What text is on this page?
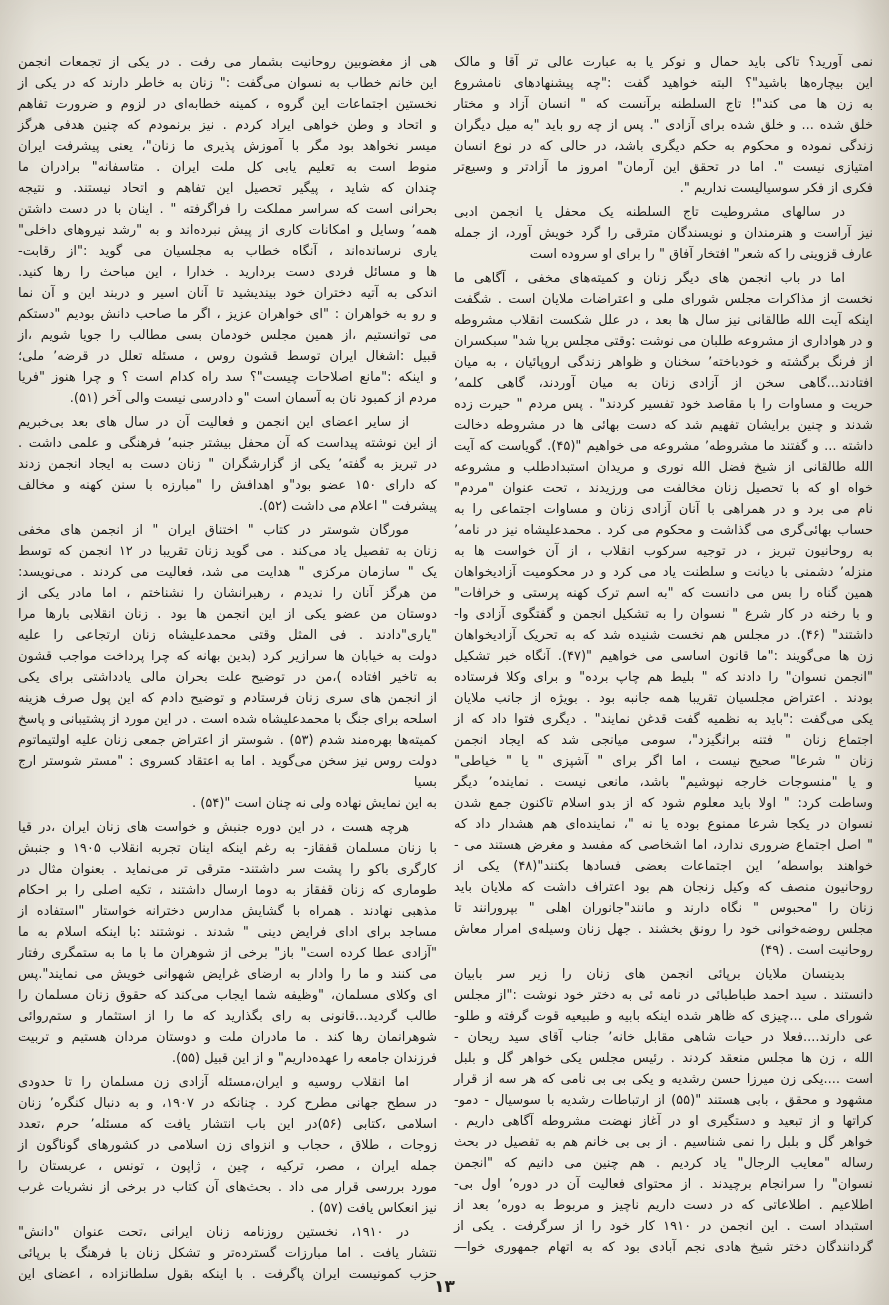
نمی آورید؟ تاکی باید حمال و نوکر یا به عبارت عالی تر آقا و مالک
این بیچاره‌ها باشید"؟ البته خواهید گفت :"چه پیشنهادهای نامشروع
به زن ها می کند"! تاج السلطنه برآنست که " انسان آزاد و مختار
خلق شده ... و خلق شده برای آزادی ". پس از چه رو باید "به میل دیگران
زندگی نموده و محکوم به حکم دیگری باشد، در حالی که در نوع انسان
امتیازی نیست ". اما در تحقق این آرمان" امروز ما آزادتر و وسیع‌تر
فکری از فکر سوسیالیست نداریم ".
در سالهای مشروطیت تاج السلطنه یک محفل یا انجمن ادبی
نیز آراست و هنرمندان و نویسندگان مترقی را گرد خویش آورد، از جمله
عارف قزوینی را که شعر" افتخار آفاق " را برای او سروده است
اما در باب انجمن های دیگر زنان و کمیته‌های مخفی ، آگاهی ما
نخست از مذاکرات مجلس شورای ملی و اعتراضات ملایان است . شگفت
اینکه آیت الله طالقانی نیز سال ها بعد ، در علل شکست انقلاب مشروطه
و در هواداری از مشروعه طلبان می نوشت :وقتی مجلس برپا شد" سبکسران
از فرنگ برگشته و خودباخته٬ سخنان و ظواهر زندگی اروپائیان ، به میان
افتادند...گاهی سخن از آزادی زنان به میان آوردند، گاهی کلمه٬
حریت و مساوات را با مقاصد خود تفسیر کردند" . پس مردم " حیرت زده
شدند و چنین برایشان تفهیم شد که دست بهائی ها در مشروطه دخالت
داشته ... و گفتند ما مشروطه٬ مشروعه می خواهیم "(۴۵). گویاست که آیت
الله طالقانی از شیخ فضل الله نوری و مریدان استبدادطلب و مشروعه
خواه او که با تحصیل زنان مخالفت می ورزیدند ، تحت عنوان "مردم"
نام می برد و در همراهی با آنان آزادی زنان و مساوات اجتماعی را به
حساب بهائی‌گری می گذاشت و محکوم می کرد . محمدعلیشاه نیز در نامه٬
به روحانیون تبریز ، در توجیه سرکوب انقلاب ، از آن خواست ها به
منزله٬ دشمنی با دیانت و سلطنت یاد می کرد و در محکومیت آزادیخواهان
همین گناه را بس می دانست که "به اسم ترک کهنه پرستی و خرافات"
و با رخنه در کار شرع " نسوان را به تشکیل انجمن و گفتگوی آزادی وا-
داشتند" (۴۶). در مجلس هم نخست شنیده شد که به تحریک آزادیخواهان
زن ها می‌گویند :"ما قانون اساسی می خواهیم "(۴۷). آنگاه خبر تشکیل
"انجمن نسوان" را دادند که " بلیط هم چاپ برده" و برای وکلا فرستاده
بودند . اعتراض مجلسیان تقریبا همه جانبه بود . بویژه از جانب ملایان
یکی می‌گفت :"باید به نظمیه گفت قدغن نمایند" . دیگری فتوا داد که از
اجتماع زنان " فتنه برانگیزد"، سومی میانجی شد که ایجاد انجمن
زنان " شرعا" صحیح نیست ، اما اگر برای " آشپزی " یا " خیاطی"
و یا "منسوجات خارجه نپوشیم" باشد، مانعی نیست . نماینده٬ دیگر
وساطت کرد: " اولا باید معلوم شود که از بدو اسلام تاکنون جمع شدن
نسوان در یکجا شرعا ممنوع بوده یا نه "، نماینده‌ای هم هشدار داد که
" اصل اجتماع ضروری ندارد، اما اشخاصی که مفسد و مغرض هستند می -
خواهند بواسطه٬ این اجتماعات بعضی فسادها بکنند"(۴۸) یکی از
روحانیون منصف که وکیل زنجان هم بود اعتراف داشت که ملایان باید
زنان را "محبوس " نگاه دارند و مانند"جانوران اهلی " بپرورانند تا
مجلس روضه‌خوانی خود را رونق بخشند . جهل زنان وسیله‌ی امرار معاش
روحانیت است . (۴۹)
بدینسان ملایان برپائی انجمن های زنان را زیر سر بابیان
دانستند . سید احمد طباطبائی در نامه ئی به دختر خود نوشت :"از مجلس
شورای ملی ...چیزی که ظاهر شده اینکه بابیه و طبیعیه قوت گرفته و طلو-
عی دارند....فعلا در حیات شاهی مقابل خانه٬ جناب آقای سید ریحان -
الله ، زن ها مجلس منعقد کردند . رئیس مجلس یکی خواهر گل و بلبل
است ....یکی زن میرزا حسن رشدیه و یکی بی بی نامی که هر سه از قرار
مشهود و محقق ، بابی هستند "(۵۵) از ارتباطات رشدیه با سوسیال - دمو-
کراتها و از تبعید و دستگیری او در آغاز نهضت مشروطه آگاهی داریم .
خواهر گل و بلبل را نمی شناسیم . از بی بی خانم هم به تفصیل در بحث
رساله "معایب الرجال" یاد کردیم . هم چنین می دانیم که "انجمن
نسوان" را سرانجام برچیدند . از محتوای فعالیت آن در دوره٬ اول بی-
اطلاعیم . اطلاعاتی که در دست داریم ناچیز و مربوط به دوره٬ بعد از
استبداد است . این انجمن در ۱۹۱۰ کار خود را از سرگرفت . یکی از
گردانندگان دختر شیخ هادی نجم آبادی بود که به اتهام جمهوری خوا—
هی از مغضوبین روحانیت بشمار می رفت . در یکی از تجمعات انجمن
این خانم خطاب به نسوان می‌گفت :" زنان به خاطر دارند که در یکی از
نخستین اجتماعات این گروه ، کمینه خطابه‌ای در لزوم و ضرورت تفاهم
و اتحاد و وطن خواهی ایراد کردم . نیز برنمودم که چنین هدفی هرگز
میسر نخواهد بود مگر با آموزش پذیری ما زنان"، یعنی پیشرفت ایران
منوط است به تعلیم یابی کل ملت ایران . متاسفانه" برادران ما
چندان که شاید ، پیگیر تحصیل این تفاهم و اتحاد نیستند. و نتیجه
بحرانی است که سراسر مملکت را فراگرفته " . اینان با در دست داشتن
همه٬ وسایل و امکانات کاری از پیش نبرده‌اند و به "رشد نیروهای داخلی"
یاری نرسانده‌اند ، آنگاه خطاب به مجلسیان می گوید :"از رقابت-
ها و مسائل فردی دست بردارید . خدارا ، این مباحث را رها کنید.
اندکی به آتیه دختران خود بیندیشید تا آنان اسیر و دربند این و آن نما
و رو به خواهران : "ای خواهران عزیز ، اگر ما صاحب دانش بودیم "دستکم
می توانستیم ،از همین مجلس خودمان بسی مطالب را جویا شویم ،از
قبیل :اشغال ایران توسط قشون روس ، مسئله تعلل در قرضه٬ ملی؛
و اینکه :"مانع اصلاحات چیست"؟ سد راه کدام است ؟ و چرا هنوز "فریا
مردم از کمبود نان به آسمان است "و دادرسی نیست والی آخر (۵۱).
از سایر اعضای این انجمن و فعالیت آن در سال های بعد بی‌خبریم
از این نوشته پیداست که آن محفل بیشتر جنبه٬ فرهنگی و علمی داشت .
در تبریز به گفته٬ یکی از گزارشگران " زنان دست به ایجاد انجمن زدند
که دارای ۱۵۰ عضو بود"و اهدافش را "مبارزه با سنن کهنه و مخالف
پیشرفت " اعلام می داشت (۵۲).
مورگان شوستر در کتاب " اختناق ایران " از انجمن های مخفی
زنان به تفصیل یاد می‌کند . می گوید زنان تقریبا در ۱۲ انجمن که توسط
یک " سازمان مرکزی " هدایت می شد، فعالیت می کردند . می‌نویسد:
من هرگز آنان را ندیدم ، رهبرانشان را نشناختم ، اما مادر یکی از
دوستان من عضو یکی از این انجمن ها بود . زنان انقلابی بارها مرا
"یاری"دادند . فی المثل وقتی محمدعلیشاه زنان ارتجاعی را علیه
دولت به خیابان ها سرازیر کرد (بدین بهانه که چرا پرداخت مواجب قشون
به تاخیر افتاده )،من در توضیح علت بحران مالی یادداشتی برای یکی
از انجمن های سری زنان فرستادم و توضیح دادم که این پول صرف هزینه
اسلحه برای جنگ با محمدعلیشاه شده است . در این مورد از پشتیبانی و پاسخ
کمیته‌ها بهره‌مند شدم (۵۳) . شوستر از اعتراض جمعی زنان علیه اولتیماتوم
دولت روس نیز سخن می‌گوید . اما به اعتقاد کسروی : "مستر شوستر ارج بسیا
به این نمایش نهاده ولی نه چنان است "(۵۴) .
هرچه هست ، در این دوره جنبش و خواست های زنان ایران ،در قیا
با زنان مسلمان قفقاز- به رغم اینکه اینان تجربه انقلاب ۱۹۰۵ و جنبش
کارگری باکو را پشت سر داشتند- مترقی تر می‌نماید . بعنوان مثال در
طوماری که زنان قفقاز به دوما ارسال داشتند ، تکیه اصلی را بر احکام
مذهبی نهادند . همراه با گشایش مدارس دخترانه خواستار "استفاده از
مساجد برای ادای فرایض دینی " شدند . نوشتند :با اینکه اسلام به ما
"آزادی عطا کرده است" باز" برخی از شوهران ما با ما به ستمگری رفتار
می کنند و ما را وادار به ارضای غرایض شهوانی خویش می نمایند".پس
ای وکلای مسلمان، "وظیفه شما ایجاب می‌کند که حقوق زنان مسلمان را
طالب گردید...قانونی به رای بگذارید که ما را از استثمار و ستم‌روائی
شوهرانمان رها کند . ما مادران ملت و دوستان مردان هستیم و تربیت
فرزندان جامعه را عهده‌داریم" و از این قبیل (۵۵).
اما انقلاب روسیه و ایران،مسئله آزادی زن مسلمان را تا حدودی
در سطح جهانی مطرح کرد . چنانکه در ۱۹۰۷، و به دنبال کنگره٬ زنان
اسلامی ،کتابی (۵۶)در این باب انتشار یافت که مسئله٬ حرم ،تعدد
زوجات ، طلاق ، حجاب و انزوای زن اسلامی در کشورهای گوناگون از
جمله ایران ، مصر، ترکیه ، چین ، ژاپون ، تونس ، عربستان را
مورد بررسی قرار می داد . بحث‌های آن کتاب در برخی از نشریات غرب
نیز انعکاس یافت (۵۷) .
در ۱۹۱۰، نخستین روزنامه زنان ایرانی ،تحت عنوان "دانش"
نتشار یافت . اما مبارزات گسترده‌تر و تشکل زنان با فرهنگ با برپائی
حزب کمونیست ایران پاگرفت . با اینکه بقول سلطانزاده ، اعضای این
۱۳
